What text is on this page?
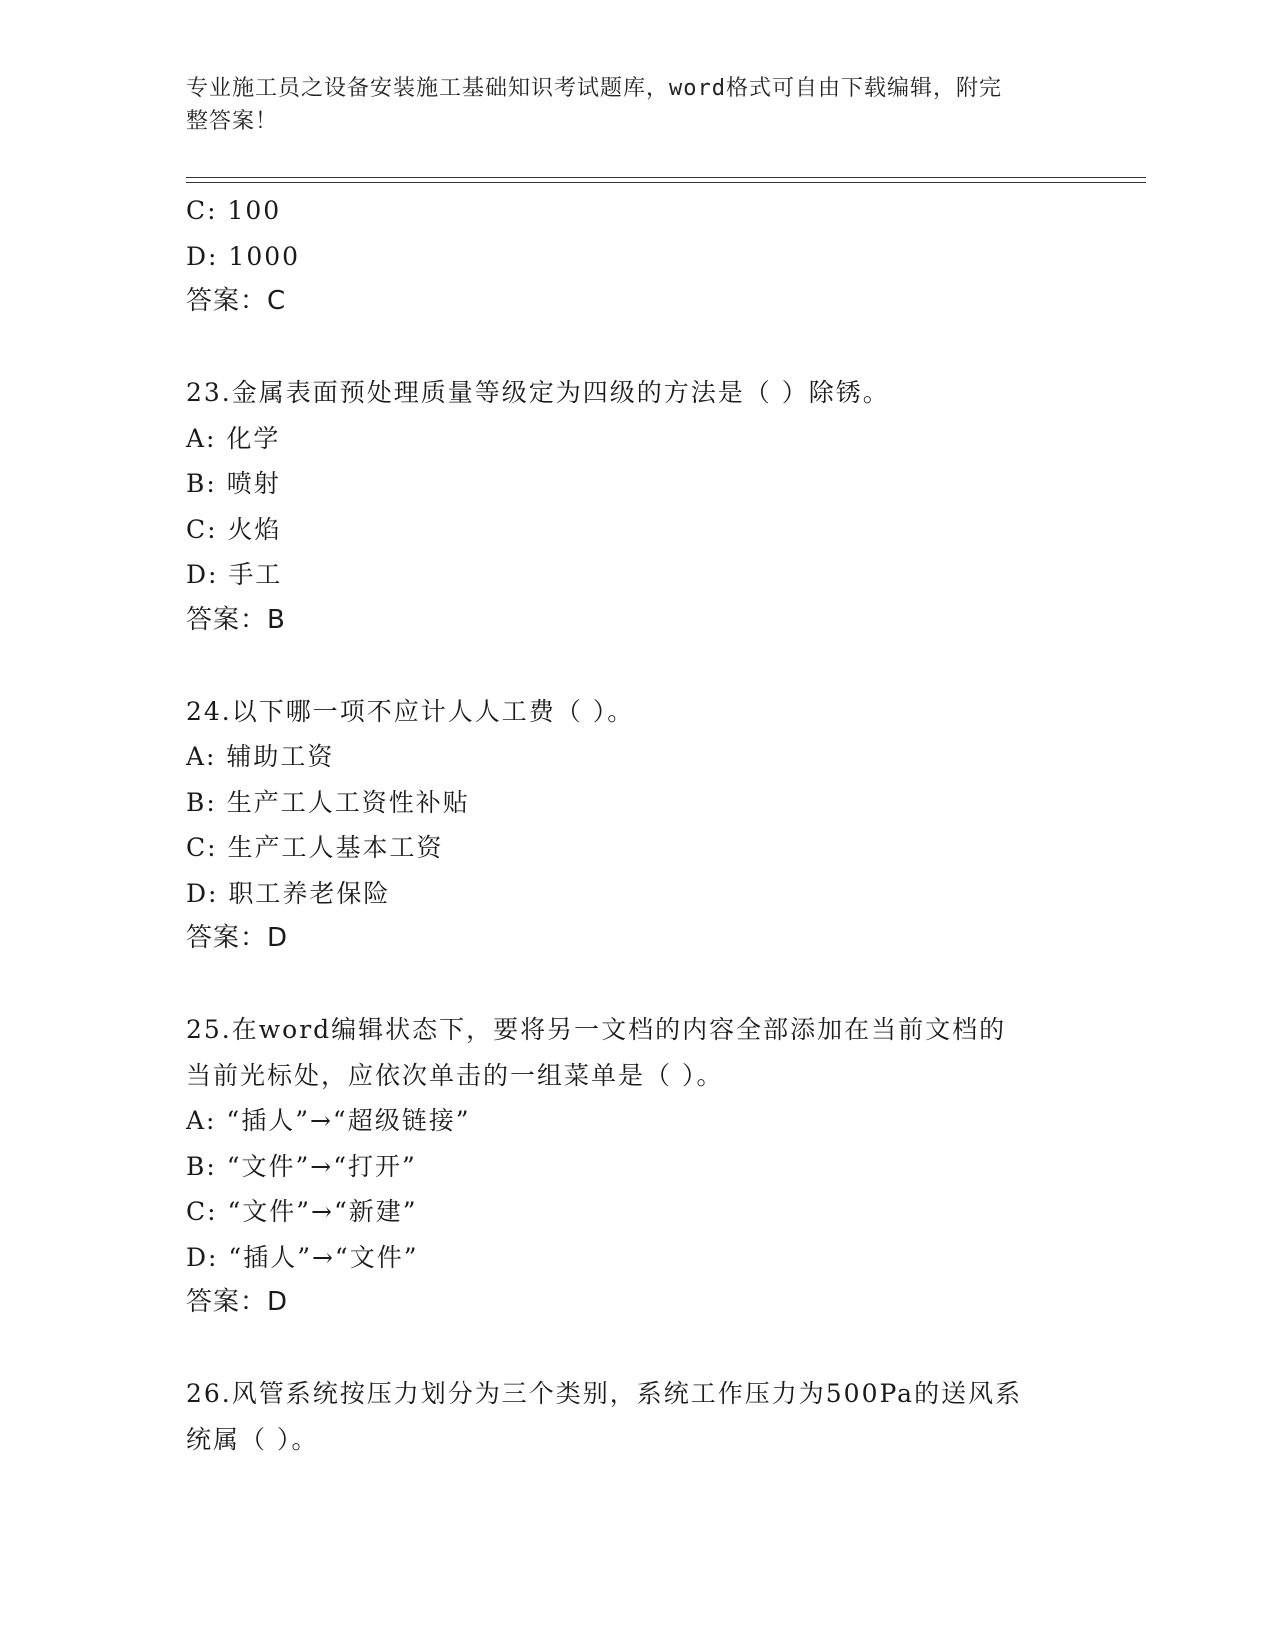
专业施工员之设备安装施工基础知识考试题库，word格式可自由下载编辑，附完
整答案！
C: 100
D: 1000
答案：C
23.金属表面预处理质量等级定为四级的方法是（ ）除锈。
A: 化学
B: 喷射
C: 火焰
D: 手工
答案：B
24.以下哪一项不应计人人工费（ ）。
A: 辅助工资
B: 生产工人工资性补贴
C: 生产工人基本工资
D: 职工养老保险
答案：D
25.在word编辑状态下，要将另一文档的内容全部添加在当前文档的
当前光标处，应依次单击的一组菜单是（ ）。
A: “插人”→“超级链接”
B: “文件”→“打开”
C: “文件”→“新建”
D: “插人”→“文件”
答案：D
26.风管系统按压力划分为三个类别，系统工作压力为500Pa的送风系
统属（ ）。
